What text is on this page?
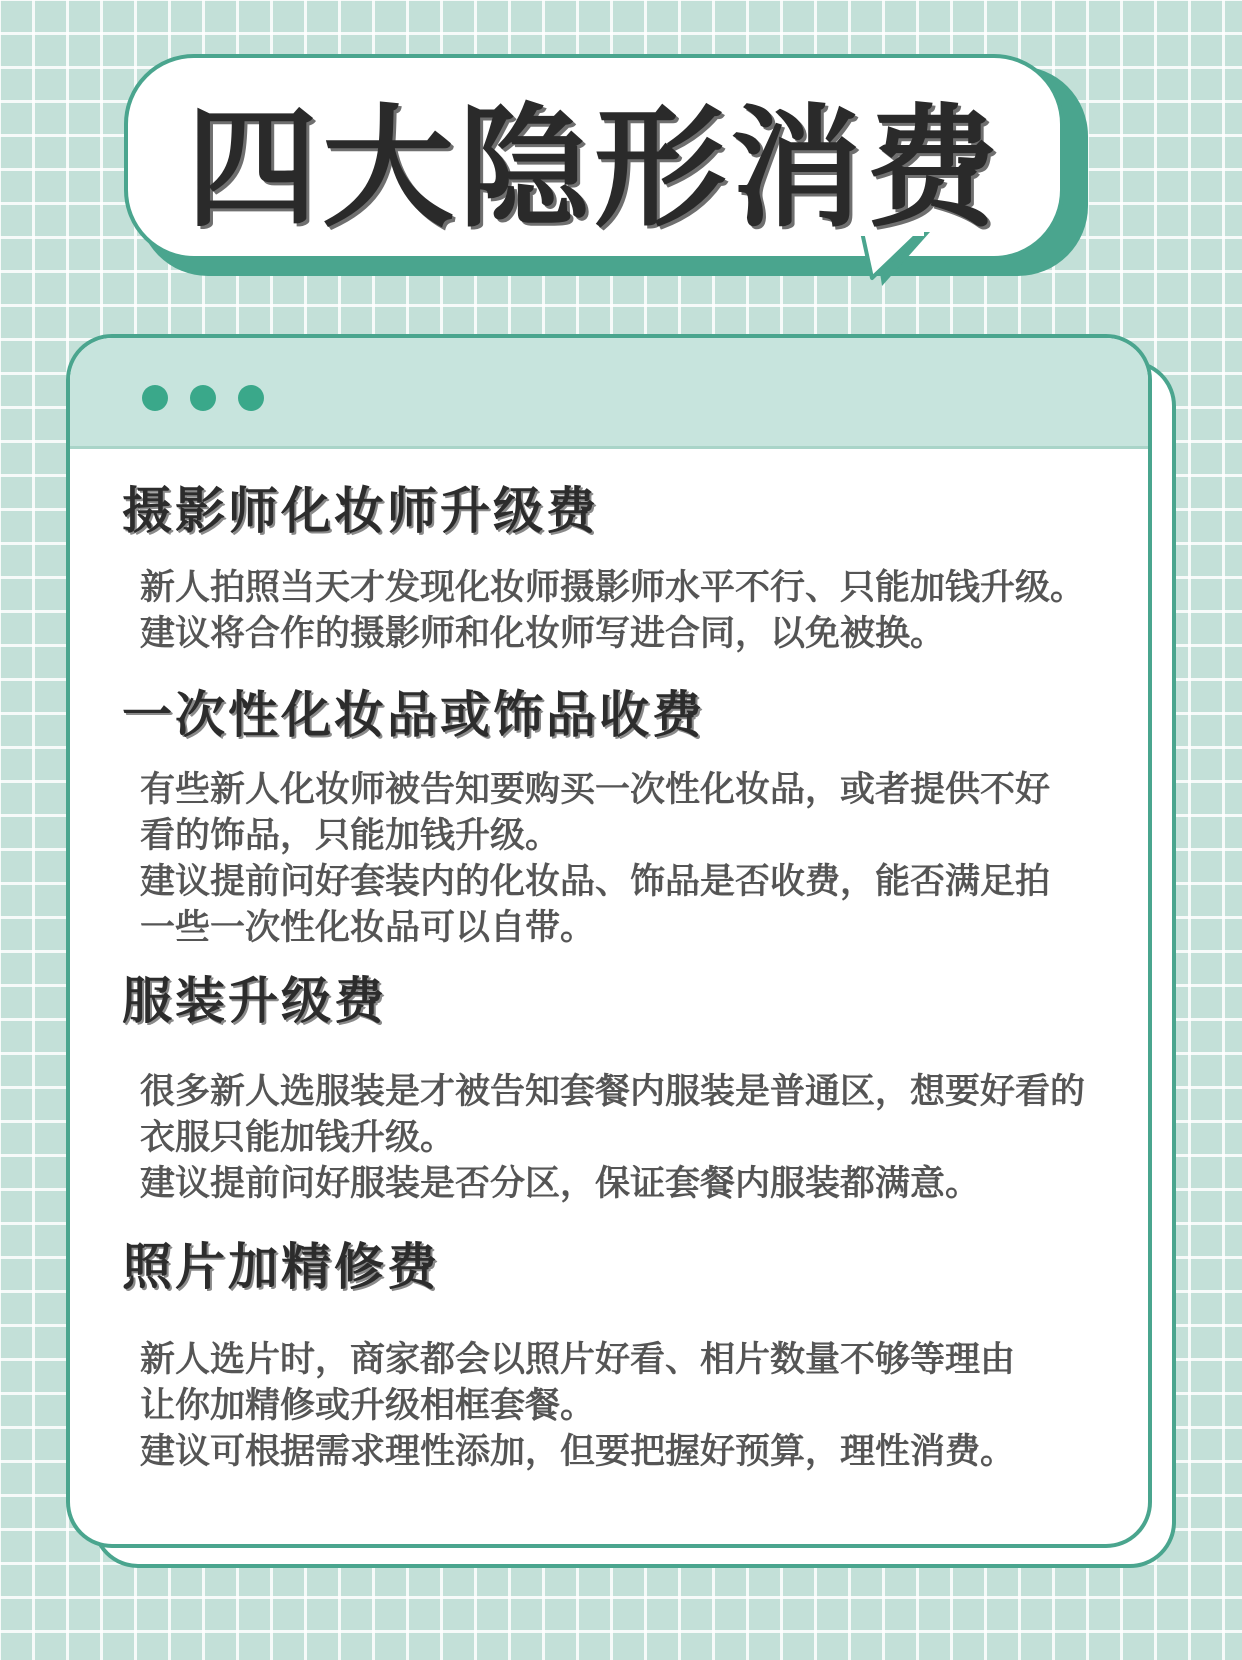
四大隐形消费
摄影师化妆师升级费

新人拍照当天才发现化妆师摄影师水平不行、只能加钱升级。
建议将合作的摄影师和化妆师写进合同，以免被换。

一次性化妆品或饰品收费

有些新人化妆师被告知要购买一次性化妆品，或者提供不好
看的饰品，只能加钱升级。
建议提前问好套装内的化妆品、饰品是否收费，能否满足拍
一些一次性化妆品可以自带。

服装升级费

很多新人选服装是才被告知套餐内服装是普通区，想要好看的
衣服只能加钱升级。
建议提前问好服装是否分区，保证套餐内服装都满意。

照片加精修费

新人选片时，商家都会以照片好看、相片数量不够等理由
让你加精修或升级相框套餐。
建议可根据需求理性添加，但要把握好预算，理性消费。
